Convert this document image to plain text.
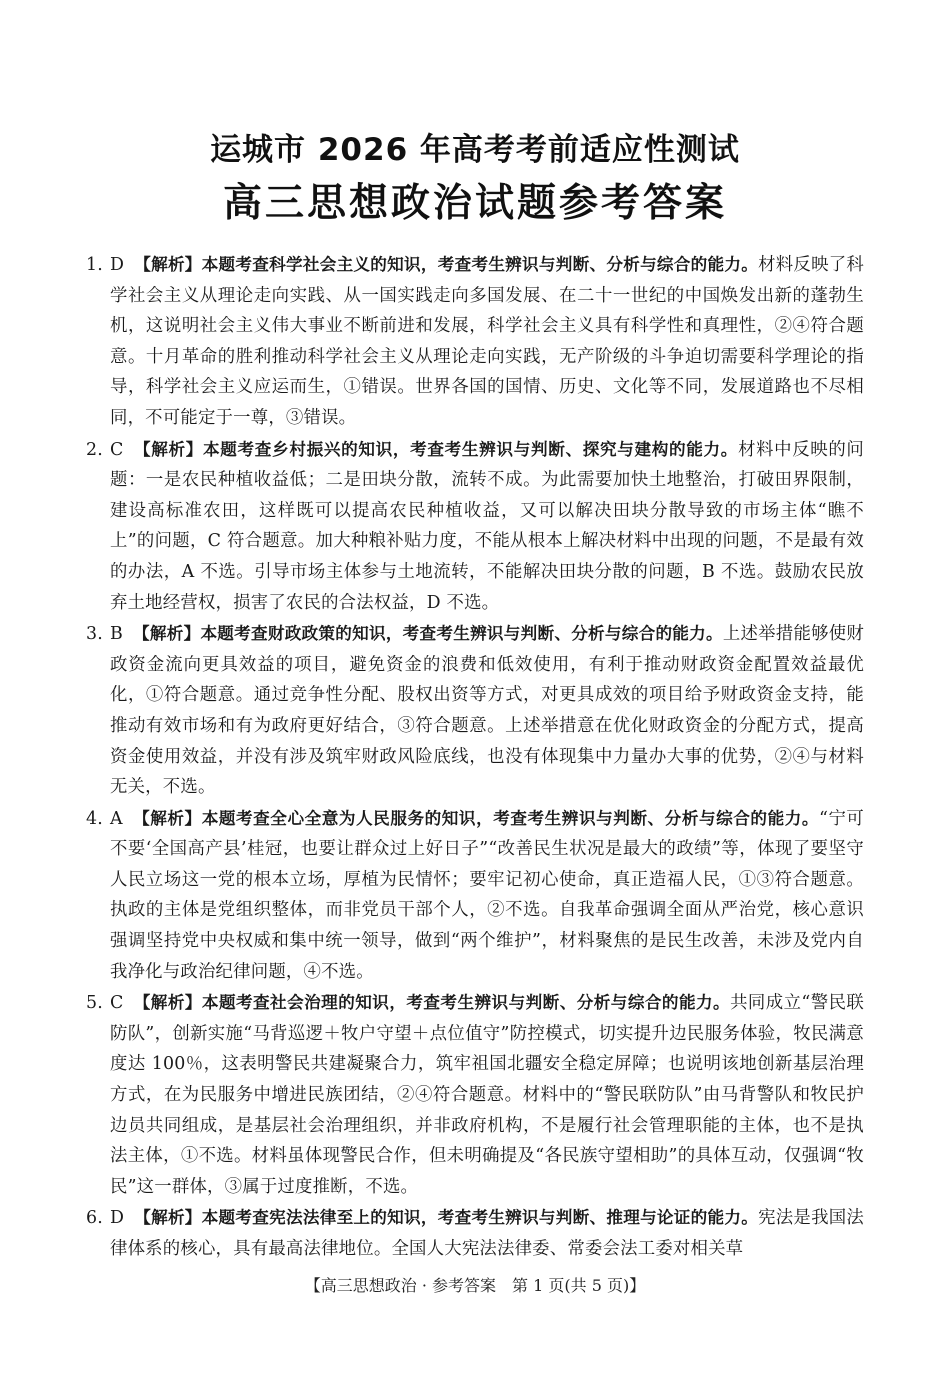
运城市 2026 年高考考前适应性测试
高三思想政治试题参考答案

1. D 【解析】本题考查科学社会主义的知识，考查考生辨识与判断、分析与综合的能力。材料反映了科学社会主义从理论走向实践、从一国实践走向多国发展、在二十一世纪的中国焕发出新的蓬勃生机，这说明社会主义伟大事业不断前进和发展，科学社会主义具有科学性和真理性，②④符合题意。十月革命的胜利推动科学社会主义从理论走向实践，无产阶级的斗争迫切需要科学理论的指导，科学社会主义应运而生，①错误。世界各国的国情、历史、文化等不同，发展道路也不尽相同，不可能定于一尊，③错误。

2. C 【解析】本题考查乡村振兴的知识，考查考生辨识与判断、探究与建构的能力。材料中反映的问题：一是农民种植收益低；二是田块分散，流转不成。为此需要加快土地整治，打破田界限制，建设高标准农田，这样既可以提高农民种植收益，又可以解决田块分散导致的市场主体“瞧不上”的问题，C 符合题意。加大种粮补贴力度，不能从根本上解决材料中出现的问题，不是最有效的办法，A 不选。引导市场主体参与土地流转，不能解决田块分散的问题，B 不选。鼓励农民放弃土地经营权，损害了农民的合法权益，D 不选。

3. B 【解析】本题考查财政政策的知识，考查考生辨识与判断、分析与综合的能力。上述举措能够使财政资金流向更具效益的项目，避免资金的浪费和低效使用，有利于推动财政资金配置效益最优化，①符合题意。通过竞争性分配、股权出资等方式，对更具成效的项目给予财政资金支持，能推动有效市场和有为政府更好结合，③符合题意。上述举措意在优化财政资金的分配方式，提高资金使用效益，并没有涉及筑牢财政风险底线，也没有体现集中力量办大事的优势，②④与材料无关，不选。

4. A 【解析】本题考查全心全意为人民服务的知识，考查考生辨识与判断、分析与综合的能力。“宁可不要‘全国高产县’桂冠，也要让群众过上好日子”“改善民生状况是最大的政绩”等，体现了要坚守人民立场这一党的根本立场，厚植为民情怀；要牢记初心使命，真正造福人民，①③符合题意。执政的主体是党组织整体，而非党员干部个人，②不选。自我革命强调全面从严治党，核心意识强调坚持党中央权威和集中统一领导，做到“两个维护”，材料聚焦的是民生改善，未涉及党内自我净化与政治纪律问题，④不选。

5. C 【解析】本题考查社会治理的知识，考查考生辨识与判断、分析与综合的能力。共同成立“警民联防队”，创新实施“马背巡逻＋牧户守望＋点位值守”防控模式，切实提升边民服务体验，牧民满意度达 100％，这表明警民共建凝聚合力，筑牢祖国北疆安全稳定屏障；也说明该地创新基层治理方式，在为民服务中增进民族团结，②④符合题意。材料中的“警民联防队”由马背警队和牧民护边员共同组成，是基层社会治理组织，并非政府机构，不是履行社会管理职能的主体，也不是执法主体，①不选。材料虽体现警民合作，但未明确提及“各民族守望相助”的具体互动，仅强调“牧民”这一群体，③属于过度推断，不选。

6. D 【解析】本题考查宪法法律至上的知识，考查考生辨识与判断、推理与论证的能力。宪法是我国法律体系的核心，具有最高法律地位。全国人大宪法法律委、常委会法工委对相关草

【高三思想政治 · 参考答案　第 1 页(共 5 页)】
